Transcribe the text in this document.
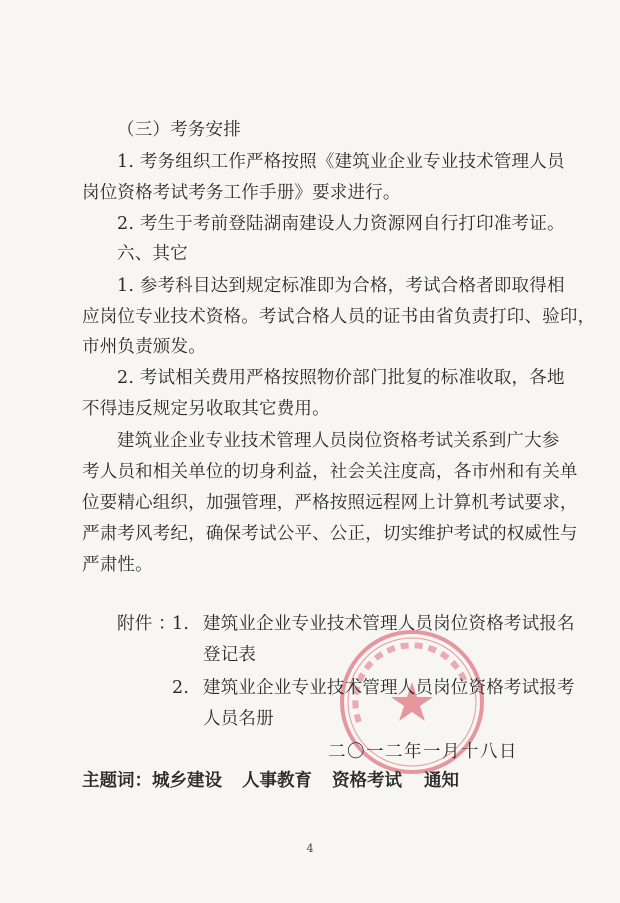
（三）考务安排
1. 考务组织工作严格按照《建筑业企业专业技术管理人员
岗位资格考试考务工作手册》要求进行。
2. 考生于考前登陆湖南建设人力资源网自行打印准考证。
六、其它
1. 参考科目达到规定标准即为合格，考试合格者即取得相
应岗位专业技术资格。考试合格人员的证书由省负责打印、验印，
市州负责颁发。
2. 考试相关费用严格按照物价部门批复的标准收取，各地
不得违反规定另收取其它费用。
建筑业企业专业技术管理人员岗位资格考试关系到广大参
考人员和相关单位的切身利益，社会关注度高，各市州和有关单
位要精心组织，加强管理，严格按照远程网上计算机考试要求，
严肃考风考纪，确保考试公平、公正，切实维护考试的权威性与
严肃性。
附件 ：
1. 建筑业企业专业技术管理人员岗位资格考试报名
登记表
2. 建筑业企业专业技术管理人员岗位资格考试报考
人员名册
二〇一二年一月十八日
主题词：城乡建设 人事教育 资格考试 通知
4
